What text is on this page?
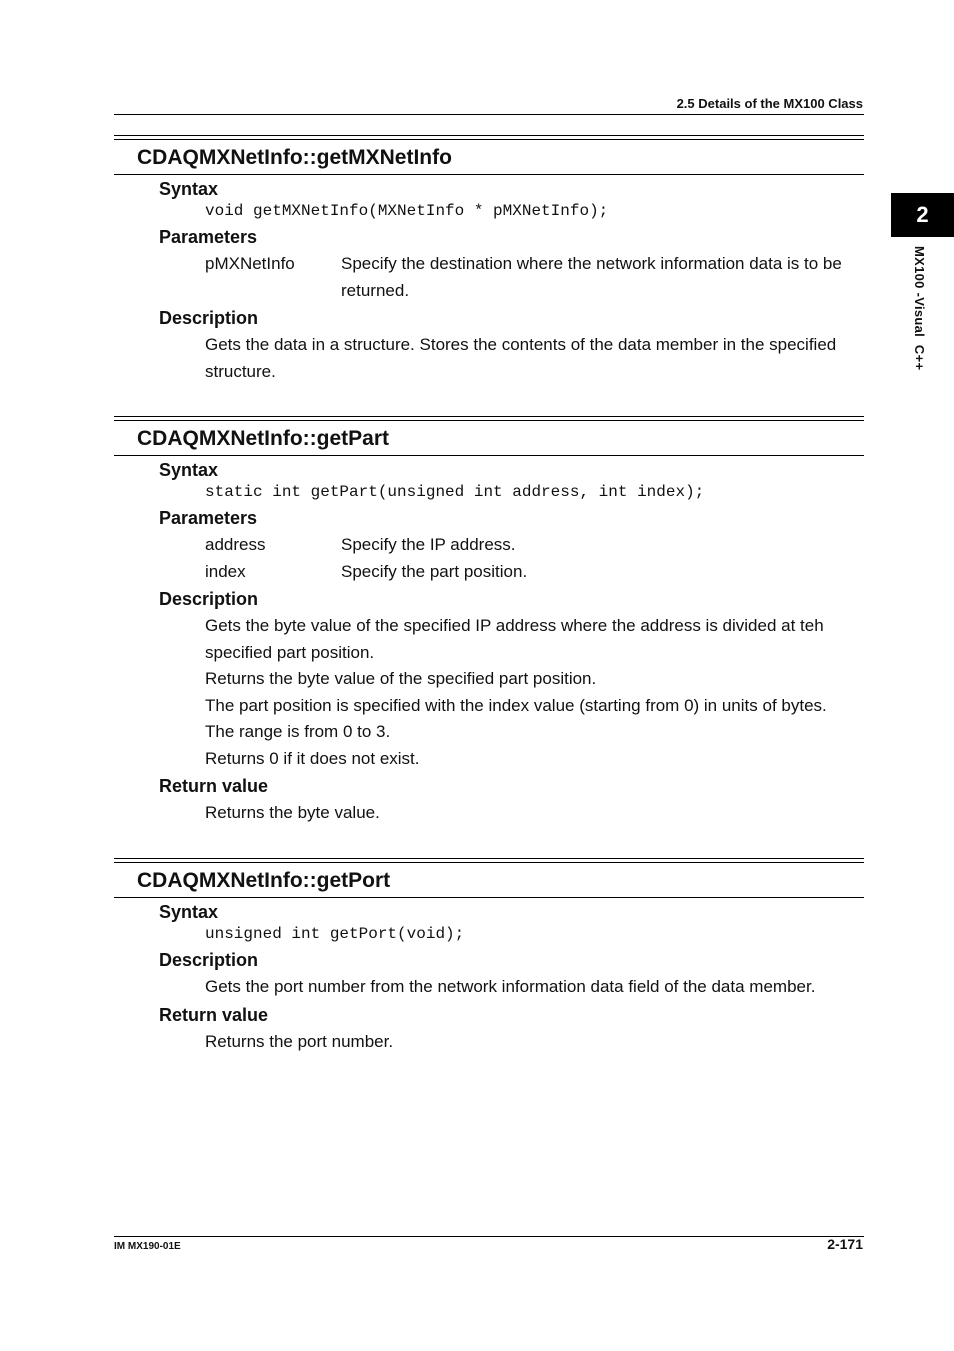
2.5 Details of the MX100 Class
2
MX100 -Visual  C++
CDAQMXNetInfo::getMXNetInfo
Syntax
void getMXNetInfo(MXNetInfo * pMXNetInfo);
Parameters
pMXNetInfo	Specify the destination where the network information data is to be returned.
Description
Gets the data in a structure. Stores the contents of the data member in the specified structure.
CDAQMXNetInfo::getPart
Syntax
static int getPart(unsigned int address, int index);
Parameters
address	Specify the IP address.
index	Specify the part position.
Description
Gets the byte value of the specified IP address where the address is divided at teh specified part position.
Returns the byte value of the specified part position.
The part position is specified with the index value (starting from 0) in units of bytes.
The range is from 0 to 3.
Returns 0 if it does not exist.
Return value
Returns the byte value.
CDAQMXNetInfo::getPort
Syntax
unsigned int getPort(void);
Description
Gets the port number from the network information data field of the data member.
Return value
Returns the port number.
IM MX190-01E	2-171
